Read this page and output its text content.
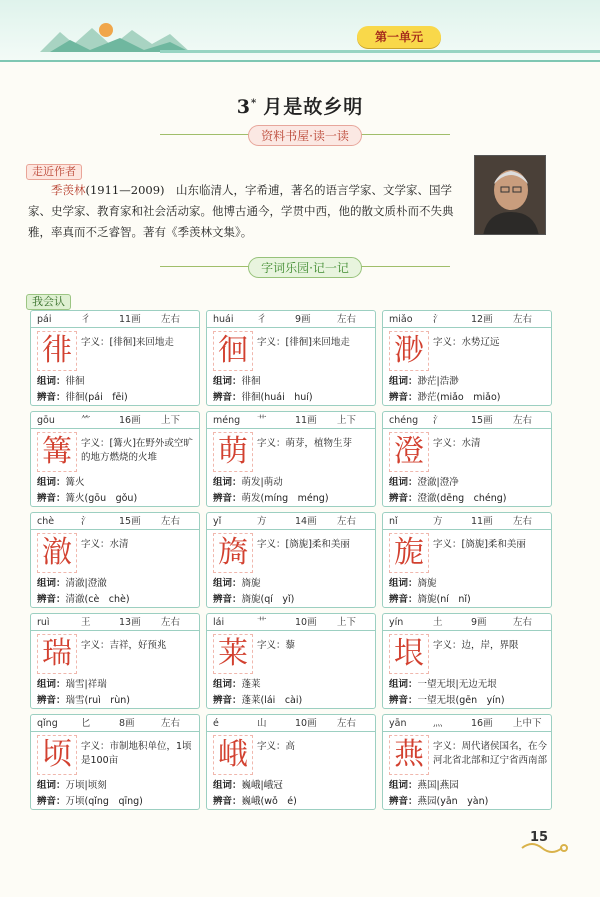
第一单元
3* 月是故乡明
资料书屋·读一读
走近作者
季羡林(1911—2009)　山东临清人，字希逋，著名的语言学家、文学家、国学家、史学家、教育家和社会活动家。他博古通今，学贯中西，他的散文质朴而不失典雅，率真而不乏睿智。著有《季羡林文集》。
字词乐园·记一记
我会认
pái	彳	11画 左右
徘 字义：[徘徊]来回地走
组词：徘徊
辨音：徘徊(pái　fēi)
huái 彳	9画	左右
徊 字义：[徘徊]来回地走
组词：徘徊
辨音：徘徊(huái　huí)
miǎo 氵	12画 左右
渺 字义：水势辽远
组词：渺茫|浩渺
辨音：渺茫(miǎo　miǎo)
gōu	⺮	16画 上下
篝 字义：[篝火]在野外或空旷的地方燃烧的火堆
组词：篝火
辨音：篝火(gōu　gǒu)
méng 艹	11画 上下
萌 字义：萌芽，植物生芽
组词：萌发|萌动
辨音：萌发(míng　méng)
chéng 氵	15画 左右
澄 字义：水清
组词：澄澈|澄净
辨音：澄澈(dēng　chéng)
chè	氵	15画 左右
澈 字义：水清
组词：清澈|澄澈
辨音：清澈(cè　chè)
yǐ	方	14画 左右
旖 字义：[旖旎]柔和美丽
组词：旖旎
辨音：旖旎(qí　yǐ)
nǐ	方	11画 左右
旎 字义：[旖旎]柔和美丽
组词：旖旎
辨音：旖旎(ní　nǐ)
ruì	王	13画 左右
瑞 字义：吉祥，好预兆
组词：瑞雪|祥瑞
辨音：瑞雪(ruì　rùn)
lái	艹	10画 上下
莱 字义：藜
组词：蓬莱
辨音：蓬莱(lái　cài)
yín	土	9画	左右
垠 字义：边，岸，界限
组词：一望无垠|无边无垠
辨音：一望无垠(gēn　yín)
qǐng 匕	8画	左右
顷 字义：市制地积单位，1顷是100亩
组词：万顷|顷刻
辨音：万顷(qǐng　qīng)
é	山	10画 左右
峨 字义：高
组词：巍峨|峨冠
辨音：巍峨(wǒ　é)
yān	灬	16画 上中下
燕 字义：周代诸侯国名，在今河北省北部和辽宁省西南部
组词：燕国|燕园
辨音：燕园(yān　yàn)
15
